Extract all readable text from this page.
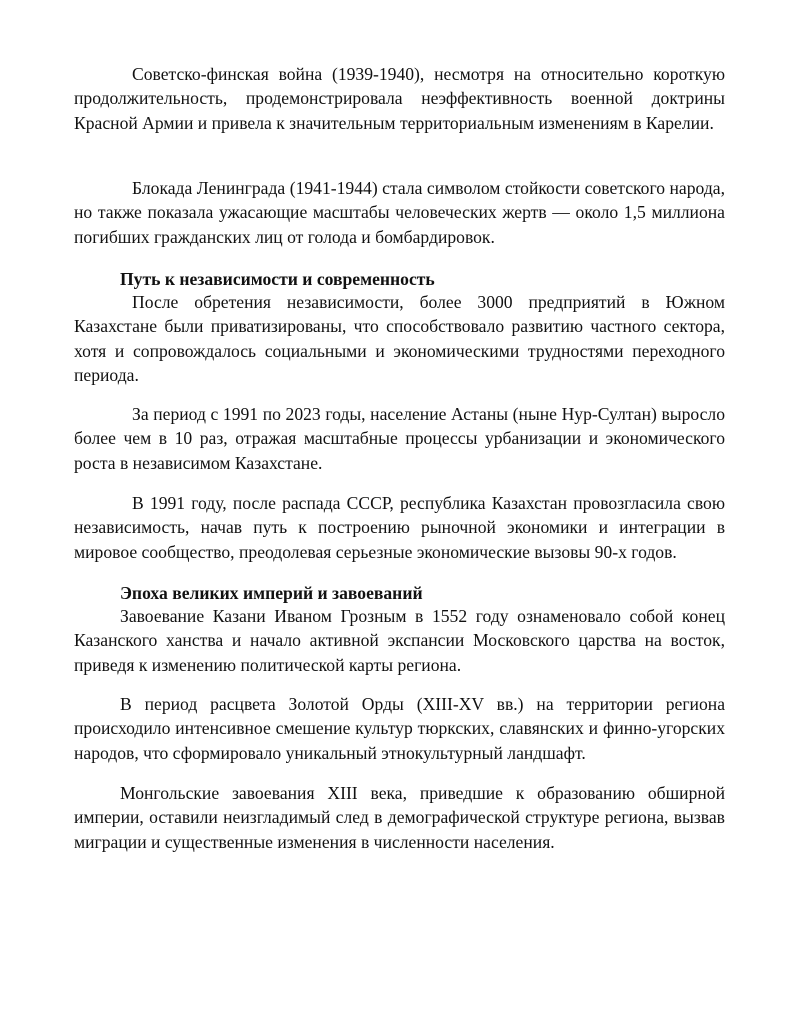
Советско-финская война (1939-1940), несмотря на относительно короткую продолжительность, продемонстрировала неэффективность военной доктрины Красной Армии и привела к значительным территориальным изменениям в Карелии.

Блокада Ленинграда (1941-1944) стала символом стойкости советского народа, но также показала ужасающие масштабы человеческих жертв — около 1,5 миллиона погибших гражданских лиц от голода и бомбардировок.

Путь к независимости и современность

После обретения независимости, более 3000 предприятий в Южном Казахстане были приватизированы, что способствовало развитию частного сектора, хотя и сопровождалось социальными и экономическими трудностями переходного периода.

За период с 1991 по 2023 годы, население Астаны (ныне Нур-Султан) выросло более чем в 10 раз, отражая масштабные процессы урбанизации и экономического роста в независимом Казахстане.

В 1991 году, после распада СССР, республика Казахстан провозгласила свою независимость, начав путь к построению рыночной экономики и интеграции в мировое сообщество, преодолевая серьезные экономические вызовы 90-х годов.

Эпоха великих империй и завоеваний

Завоевание Казани Иваном Грозным в 1552 году ознаменовало собой конец Казанского ханства и начало активной экспансии Московского царства на восток, приведя к изменению политической карты региона.

В период расцвета Золотой Орды (XIII-XV вв.) на территории региона происходило интенсивное смешение культур тюркских, славянских и финно-угорских народов, что сформировало уникальный этнокультурный ландшафт.

Монгольские завоевания XIII века, приведшие к образованию обширной империи, оставили неизгладимый след в демографической структуре региона, вызвав миграции и существенные изменения в численности населения.
